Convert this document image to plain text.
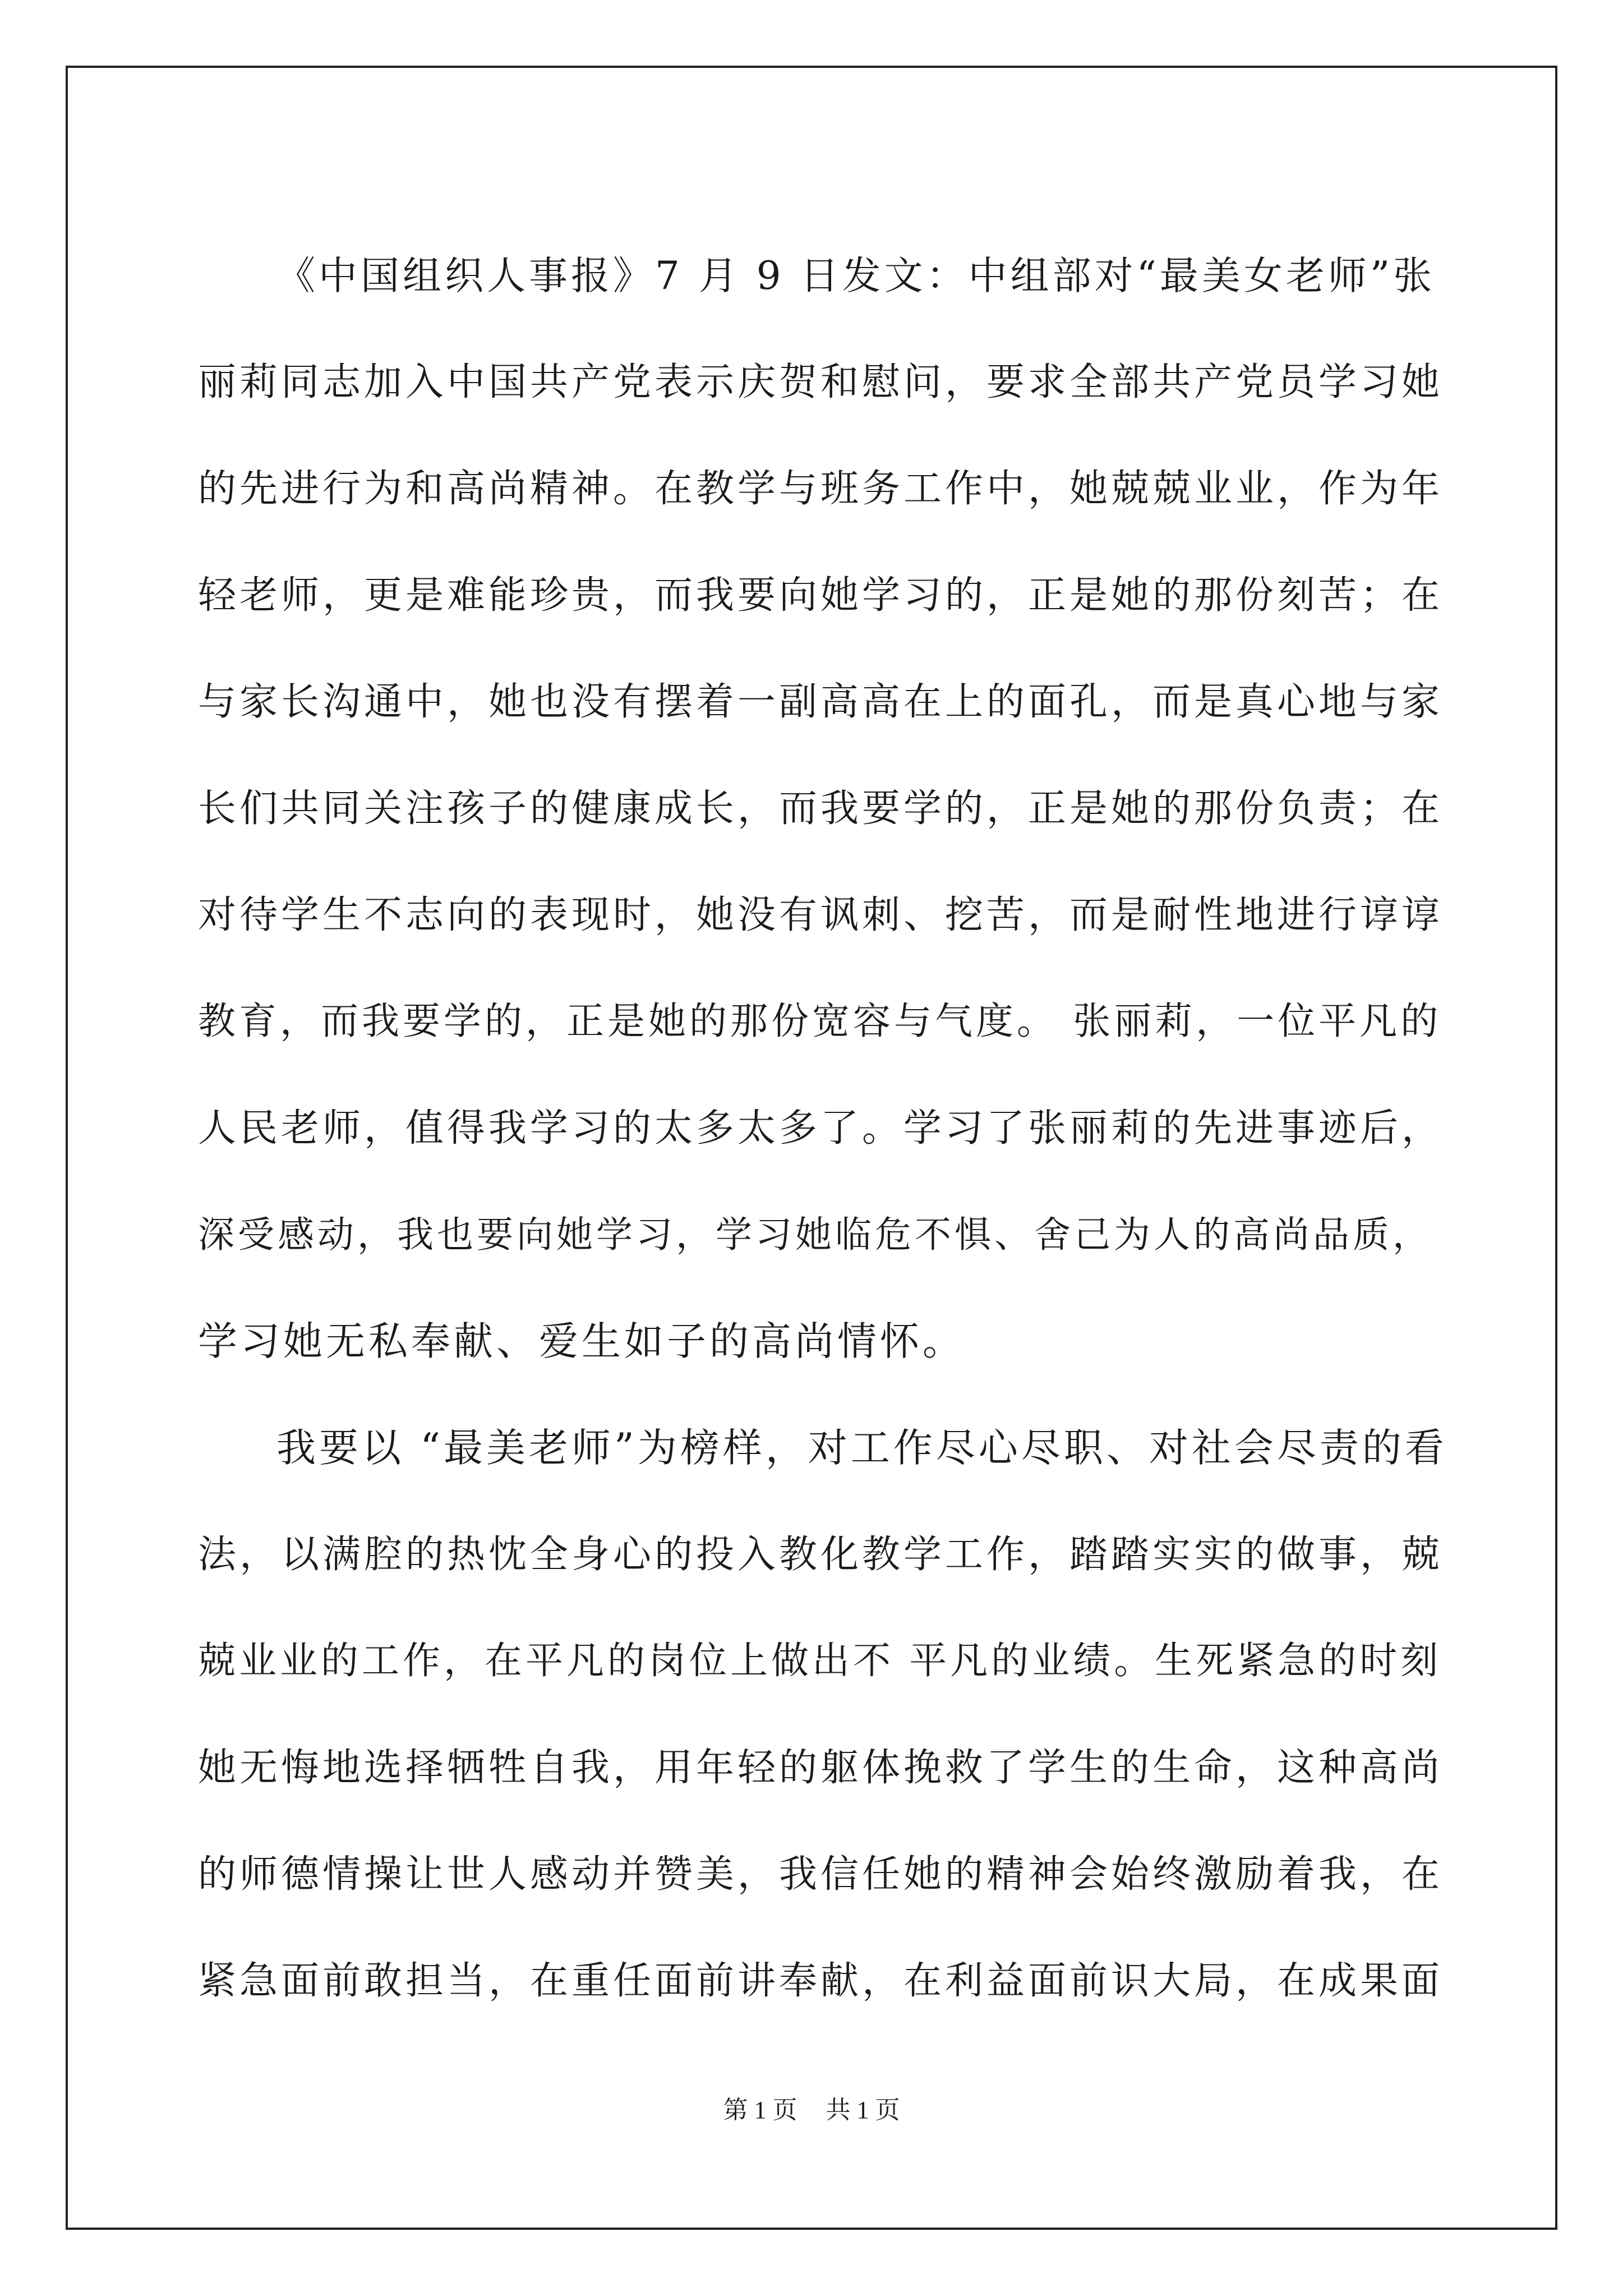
《中国组织人事报》7 月 9 日发文：中组部对“最美女老师”张
丽莉同志加入中国共产党表示庆贺和慰问，要求全部共产党员学习她
的先进行为和高尚精神。在教学与班务工作中，她兢兢业业，作为年
轻老师，更是难能珍贵，而我要向她学习的，正是她的那份刻苦；在
与家长沟通中，她也没有摆着一副高高在上的面孔，而是真心地与家
长们共同关注孩子的健康成长，而我要学的，正是她的那份负责；在
对待学生不志向的表现时，她没有讽刺、挖苦，而是耐性地进行谆谆
教育，而我要学的，正是她的那份宽容与气度。 张丽莉，一位平凡的
人民老师，值得我学习的太多太多了。学习了张丽莉的先进事迹后，
深受感动，我也要向她学习，学习她临危不惧、舍己为人的高尚品质，
学习她无私奉献、爱生如子的高尚情怀。
我要以 “最美老师”为榜样，对工作尽心尽职、对社会尽责的看
法，以满腔的热忱全身心的投入教化教学工作，踏踏实实的做事，兢
兢业业的工作，在平凡的岗位上做出不 平凡的业绩。生死紧急的时刻
她无悔地选择牺牲自我，用年轻的躯体挽救了学生的生命，这种高尚
的师德情操让世人感动并赞美，我信任她的精神会始终激励着我，在
紧急面前敢担当，在重任面前讲奉献，在利益面前识大局，在成果面
第 1 页 共 1 页
